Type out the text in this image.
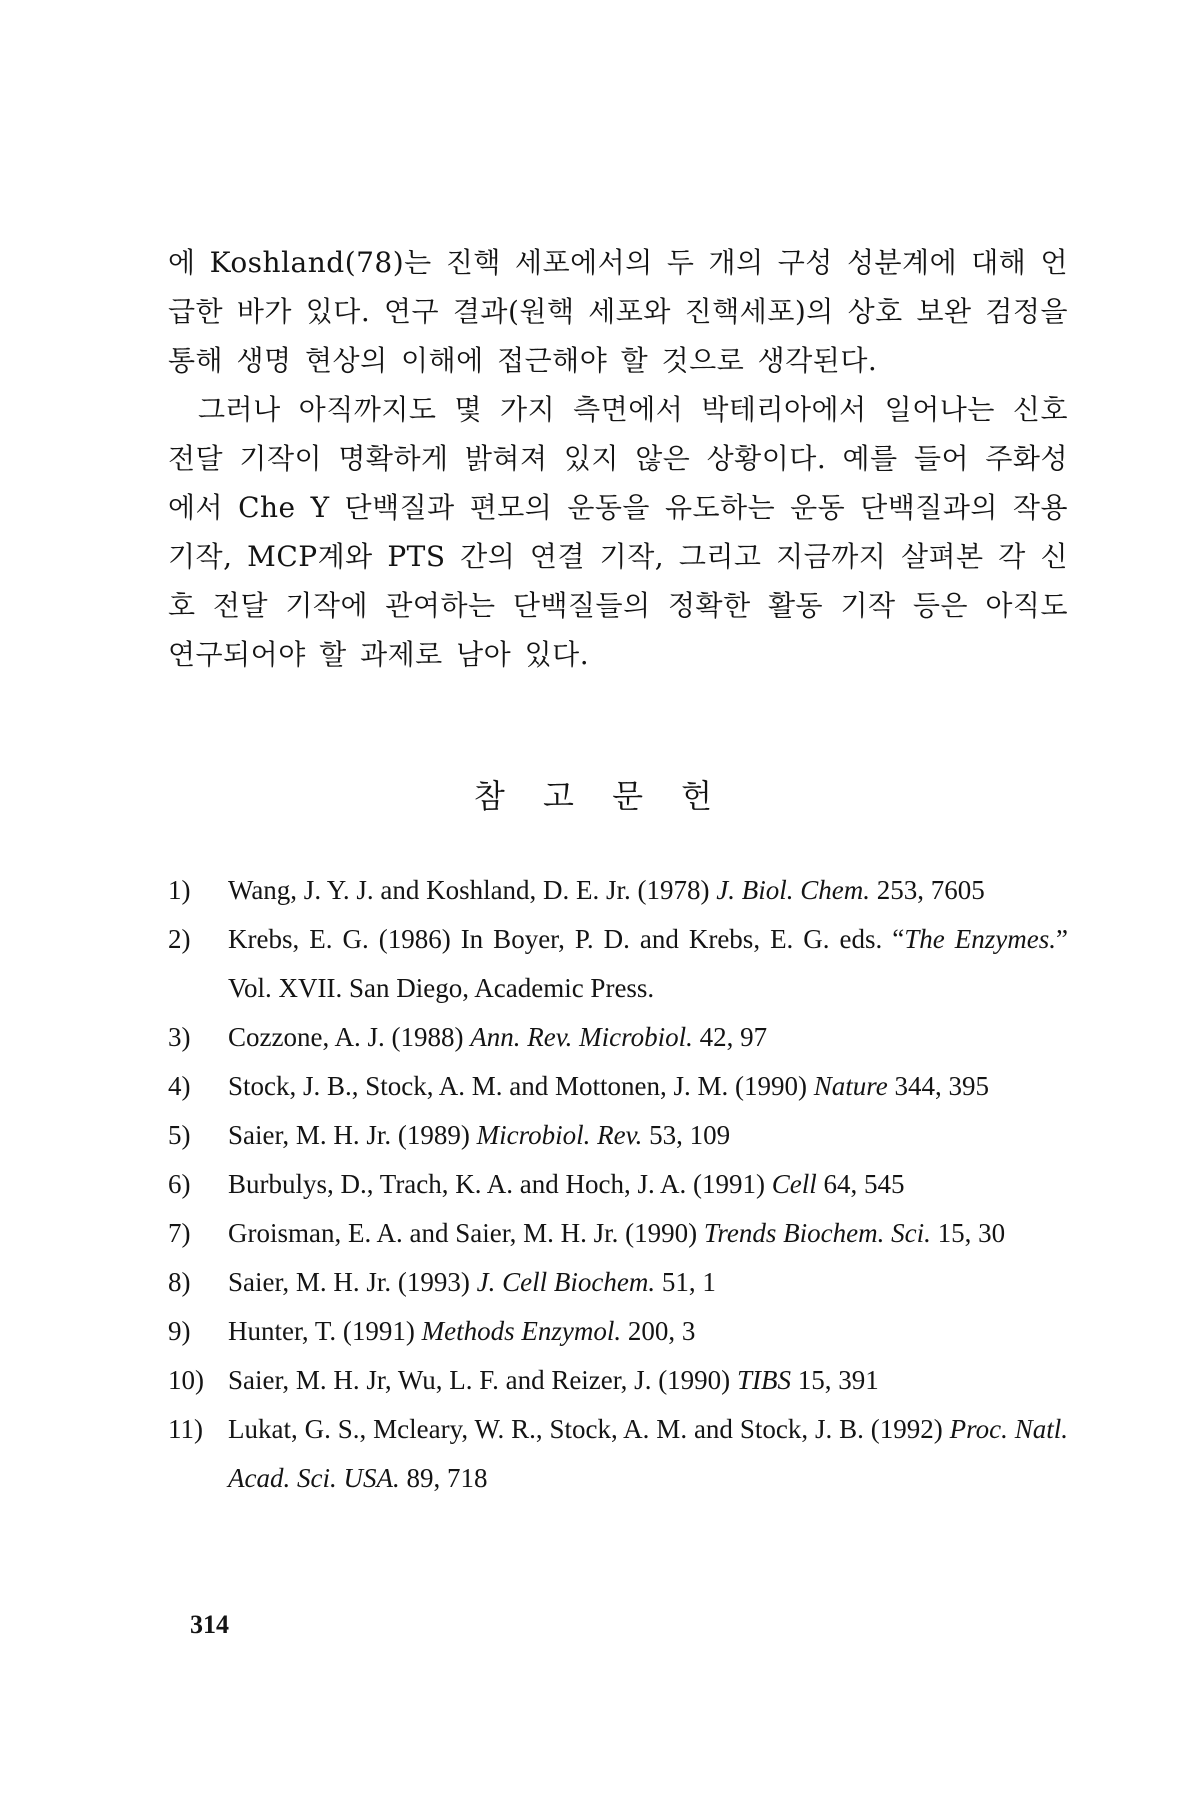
에 Koshland(78)는 진핵 세포에서의 두 개의 구성 성분계에 대해 언급한 바가 있다. 연구 결과(원핵 세포와 진핵세포)의 상호 보완 검정을 통해 생명 현상의 이해에 접근해야 할 것으로 생각된다.

그러나 아직까지도 몇 가지 측면에서 박테리아에서 일어나는 신호 전달 기작이 명확하게 밝혀져 있지 않은 상황이다. 예를 들어 주화성에서 Che Y 단백질과 편모의 운동을 유도하는 운동 단백질과의 작용 기작, MCP계와 PTS 간의 연결 기작, 그리고 지금까지 살펴본 각 신호 전달 기작에 관여하는 단백질들의 정확한 활동 기작 등은 아직도 연구되어야 할 과제로 남아 있다.

참 고 문 헌
1)	Wang, J. Y. J. and Koshland, D. E. Jr. (1978) J. Biol. Chem. 253, 7605
2)	Krebs, E. G. (1986) In Boyer, P. D. and Krebs, E. G. eds. “The Enzymes.” Vol. XVII. San Diego, Academic Press.
3)	Cozzone, A. J. (1988) Ann. Rev. Microbiol. 42, 97
4)	Stock, J. B., Stock, A. M. and Mottonen, J. M. (1990) Nature 344, 395
5)	Saier, M. H. Jr. (1989) Microbiol. Rev. 53, 109
6)	Burbulys, D., Trach, K. A. and Hoch, J. A. (1991) Cell 64, 545
7)	Groisman, E. A. and Saier, M. H. Jr. (1990) Trends Biochem. Sci. 15, 30
8)	Saier, M. H. Jr. (1993) J. Cell Biochem. 51, 1
9)	Hunter, T. (1991) Methods Enzymol. 200, 3
10) Saier, M. H. Jr, Wu, L. F. and Reizer, J. (1990) TIBS 15, 391
11) Lukat, G. S., Mcleary, W. R., Stock, A. M. and Stock, J. B. (1992) Proc. Natl. Acad. Sci. USA. 89, 718
314
